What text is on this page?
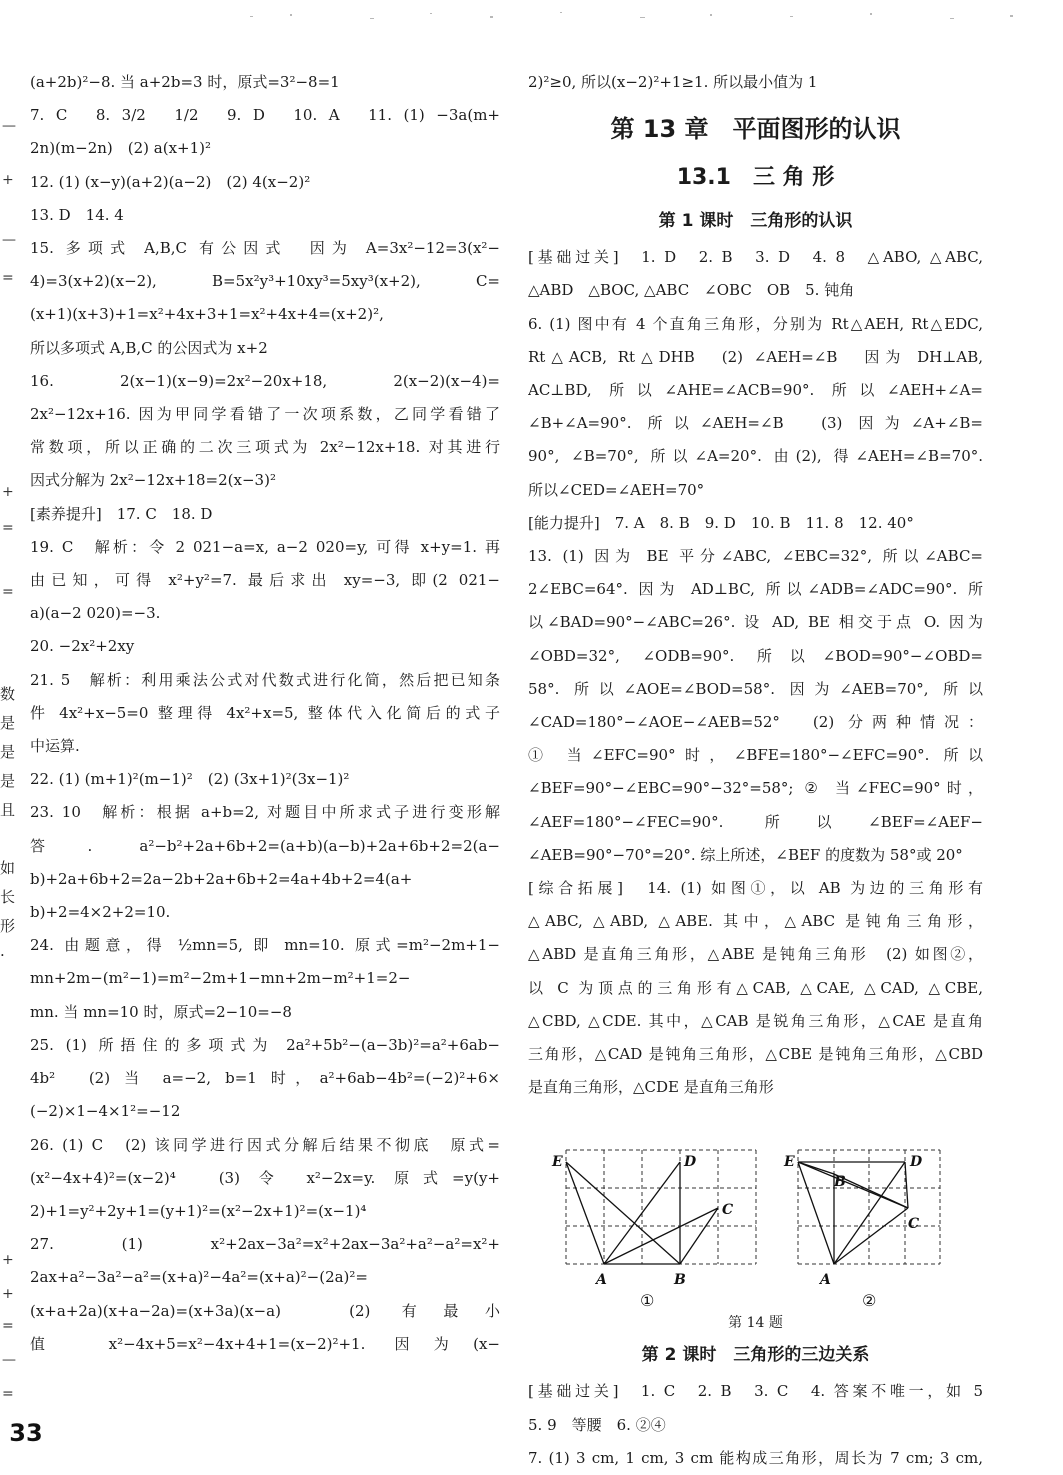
—
+
—
=
+
=
=
+
+
=
—
=
数
是
是
是
且
如
长
形
·
(a+2b)²−8. 当 a+2b=3 时，原式=3²−8=1
7. C　8. 3/2　1/2　9. D　10. A　11. (1) −3a(m+
2n)(m−2n)　(2) a(x+1)²
12. (1) (x−y)(a+2)(a−2)　(2) 4(x−2)²
13. D　14. 4
15. 多项式 A,B,C 有公因式　因为 A=3x²−12=3(x²−
4)=3(x+2)(x−2), B=5x²y³+10xy³=5xy³(x+2), C=
(x+1)(x+3)+1=x²+4x+3+1=x²+4x+4=(x+2)²,
所以多项式 A,B,C 的公因式为 x+2
16. 2(x−1)(x−9)=2x²−20x+18, 2(x−2)(x−4)=
2x²−12x+16. 因为甲同学看错了一次项系数，乙同学看错了
常数项，所以正确的二次三项式为 2x²−12x+18. 对其进行
因式分解为 2x²−12x+18=2(x−3)²
[素养提升]　17. C　18. D
19. C　解析：令 2 021−a=x, a−2 020=y, 可得 x+y=1. 再
由已知，可得 x²+y²=7. 最后求出 xy=−3, 即(2 021−
a)(a−2 020)=−3.
20. −2x²+2xy
21. 5　解析：利用乘法公式对代数式进行化简，然后把已知条
件 4x²+x−5=0 整理得 4x²+x=5, 整体代入化简后的式子
中运算.
22. (1) (m+1)²(m−1)²　(2) (3x+1)²(3x−1)²
23. 10　解析：根据 a+b=2, 对题目中所求式子进行变形解
答. a²−b²+2a+6b+2=(a+b)(a−b)+2a+6b+2=2(a−
b)+2a+6b+2=2a−2b+2a+6b+2=4a+4b+2=4(a+
b)+2=4×2+2=10.
24. 由题意，得 ½mn=5, 即 mn=10. 原式=m²−2m+1−
mn+2m−(m²−1)=m²−2m+1−mn+2m−m²+1=2−
mn. 当 mn=10 时，原式=2−10=−8
25. (1) 所捂住的多项式为 2a²+5b²−(a−3b)²=a²+6ab−
4b²　(2) 当 a=−2, b=1 时，a²+6ab−4b²=(−2)²+6×
(−2)×1−4×1²=−12
26. (1) C　(2) 该同学进行因式分解后结果不彻底　原式=
(x²−4x+4)²=(x−2)⁴　(3) 令 x²−2x=y. 原式=y(y+
2)+1=y²+2y+1=(y+1)²=(x²−2x+1)²=(x−1)⁴
27. (1) x²+2ax−3a²=x²+2ax−3a²+a²−a²=x²+
2ax+a²−3a²−a²=(x+a)²−4a²=(x+a)²−(2a)²=
(x+a+2a)(x+a−2a)=(x+3a)(x−a)　(2) 有最小
值　x²−4x+5=x²−4x+4+1=(x−2)²+1. 因为(x−
2)²≥0, 所以(x−2)²+1≥1. 所以最小值为 1
第 13 章　平面图形的认识
13.1　三 角 形
第 1 课时　三角形的认识
[基础过关]　1. D　2. B　3. D　4. 8　△ABO, △ABC,
△ABD　△BOC, △ABC　∠OBC　OB　5. 钝角
6. (1) 图中有 4 个直角三角形，分别为 Rt△AEH, Rt△EDC,
Rt△ACB, Rt△DHB　(2) ∠AEH=∠B　因为 DH⊥AB,
AC⊥BD, 所以∠AHE=∠ACB=90°. 所以∠AEH+∠A=
∠B+∠A=90°. 所以∠AEH=∠B　(3) 因为∠A+∠B=
90°, ∠B=70°, 所以∠A=20°. 由(2), 得∠AEH=∠B=70°.
所以∠CED=∠AEH=70°
[能力提升]　7. A　8. B　9. D　10. B　11. 8　12. 40°
13. (1) 因为 BE 平分∠ABC, ∠EBC=32°, 所以∠ABC=
2∠EBC=64°. 因为 AD⊥BC, 所以∠ADB=∠ADC=90°. 所
以∠BAD=90°−∠ABC=26°. 设 AD, BE 相交于点 O. 因为
∠OBD=32°, ∠ODB=90°. 所以∠BOD=90°−∠OBD=
58°. 所以∠AOE=∠BOD=58°. 因为∠AEB=70°, 所以
∠CAD=180°−∠AOE−∠AEB=52°　(2) 分两种情况：
① 当∠EFC=90°时，∠BFE=180°−∠EFC=90°. 所以
∠BEF=90°−∠EBC=90°−32°=58°; ② 当∠FEC=90°时，
∠AEF=180°−∠FEC=90°. 所以∠BEF=∠AEF−
∠AEB=90°−70°=20°. 综上所述，∠BEF 的度数为 58°或 20°
[综合拓展]　14. (1) 如图①，以 AB 为边的三角形有
△ABC, △ABD, △ABE. 其中，△ABC 是钝角三角形，
△ABD 是直角三角形，△ABE 是钝角三角形　(2) 如图②，
以 C 为顶点的三角形有△CAB, △CAE, △CAD, △CBE,
△CBD, △CDE. 其中，△CAB 是锐角三角形，△CAE 是直角
三角形，△CAD 是钝角三角形，△CBE 是钝角三角形，△CBD
是直角三角形，△CDE 是直角三角形
E	D
C
A	B
E	D
B
C
A
①	②
第 14 题
第 2 课时　三角形的三边关系
[基础过关]　1. C　2. B　3. C　4. 答案不唯一，如 5
5. 9　等腰　6. ②④
7. (1) 3 cm, 1 cm, 3 cm 能构成三角形，周长为 7 cm; 3 cm,
33
